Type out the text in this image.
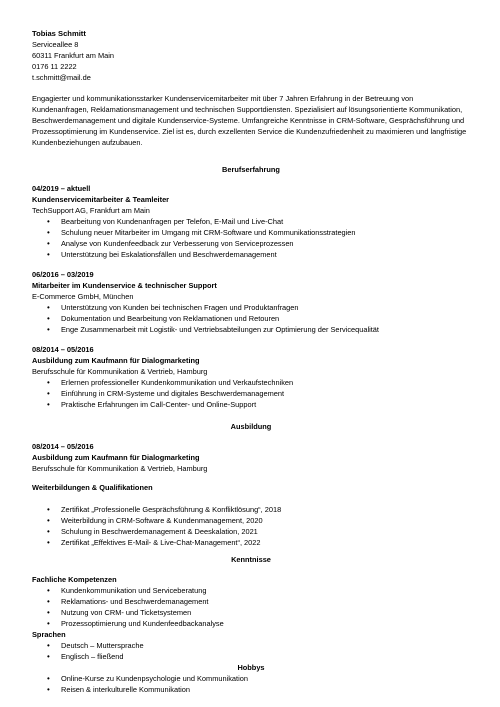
Tobias Schmitt
Serviceallee 8
60311 Frankfurt am Main
0176 11 2222
t.schmitt@mail.de
Engagierter und kommunikationsstarker Kundenservicemitarbeiter mit über 7 Jahren Erfahrung in der Betreuung von Kundenanfragen, Reklamationsmanagement und technischen Supportdiensten. Spezialisiert auf lösungsorientierte Kommunikation, Beschwerdemanagement und digitale Kundenservice-Systeme. Umfangreiche Kenntnisse in CRM-Software, Gesprächsführung und Prozessoptimierung im Kundenservice. Ziel ist es, durch exzellenten Service die Kundenzufriedenheit zu maximieren und langfristige Kundenbeziehungen aufzubauen.
Berufserfahrung
04/2019 – aktuell
Kundenservicemitarbeiter & Teamleiter
TechSupport AG, Frankfurt am Main
• Bearbeitung von Kundenanfragen per Telefon, E-Mail und Live-Chat
• Schulung neuer Mitarbeiter im Umgang mit CRM-Software und Kommunikationsstrategien
• Analyse von Kundenfeedback zur Verbesserung von Serviceprozessen
• Unterstützung bei Eskalationsfällen und Beschwerdemanagement
06/2016 – 03/2019
Mitarbeiter im Kundenservice & technischer Support
E-Commerce GmbH, München
• Unterstützung von Kunden bei technischen Fragen und Produktanfragen
• Dokumentation und Bearbeitung von Reklamationen und Retouren
• Enge Zusammenarbeit mit Logistik- und Vertriebsabteilungen zur Optimierung der Servicequalität
08/2014 – 05/2016
Ausbildung zum Kaufmann für Dialogmarketing
Berufsschule für Kommunikation & Vertrieb, Hamburg
• Erlernen professioneller Kundenkommunikation und Verkaufstechniken
• Einführung in CRM-Systeme und digitales Beschwerdemanagement
• Praktische Erfahrungen im Call-Center- und Online-Support
Ausbildung
08/2014 – 05/2016
Ausbildung zum Kaufmann für Dialogmarketing
Berufsschule für Kommunikation & Vertrieb, Hamburg
Weiterbildungen & Qualifikationen
• Zertifikat „Professionelle Gesprächsführung & Konfliktlösung“, 2018
• Weiterbildung in CRM-Software & Kundenmanagement, 2020
• Schulung in Beschwerdemanagement & Deeskalation, 2021
• Zertifikat „Effektives E-Mail- & Live-Chat-Management“, 2022
Kenntnisse
Fachliche Kompetenzen
• Kundenkommunikation und Serviceberatung
• Reklamations- und Beschwerdemanagement
• Nutzung von CRM- und Ticketsystemen
• Prozessoptimierung und Kundenfeedbackanalyse
Sprachen
• Deutsch – Muttersprache
• Englisch – fließend
Hobbys
• Online-Kurse zu Kundenpsychologie und Kommunikation
• Reisen & interkulturelle Kommunikation
